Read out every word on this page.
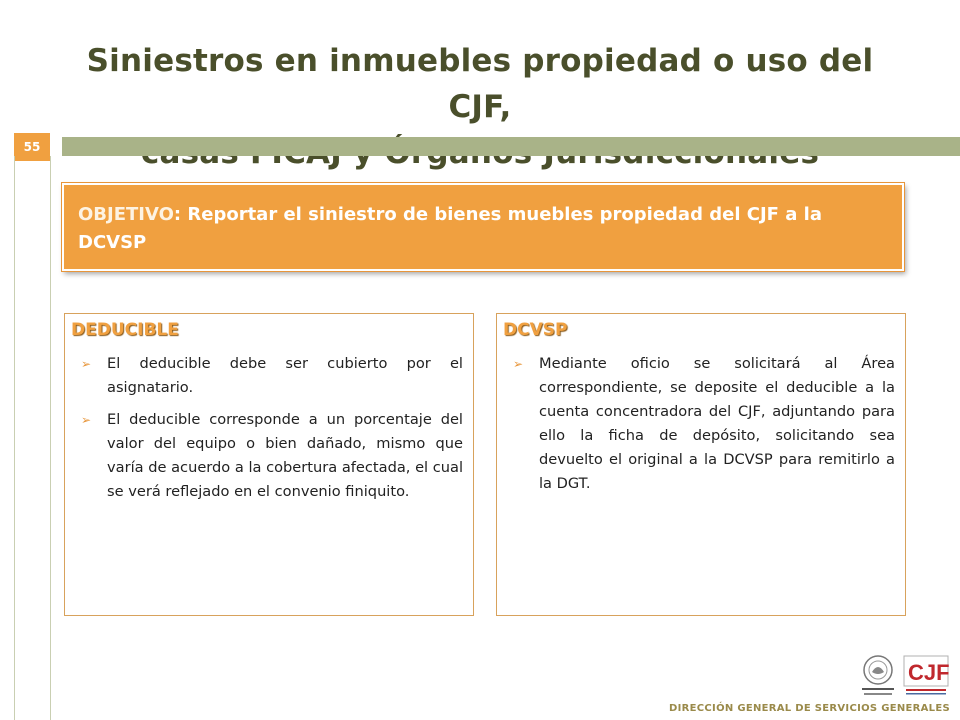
Siniestros en inmuebles propiedad o uso del CJF,
55
OBJETIVO: Reportar el siniestro de bienes muebles propiedad del CJF a la DCVSP
DEDUCIBLE
➢ El deducible debe ser cubierto por el asignatario.
➢ El deducible corresponde a un porcentaje del valor del equipo o bien dañado, mismo que varía de acuerdo a la cobertura afectada, el cual se verá reflejado en el convenio finiquito.
DCVSP
➢ Mediante oficio se solicitará al Área correspondiente, se deposite el deducible a la cuenta concentradora del CJF, adjuntando para ello la ficha de depósito, solicitando sea devuelto el original a la DCVSP para remitirlo a la DGT.
CJF
DIRECCIÓN GENERAL DE SERVICIOS GENERALES
